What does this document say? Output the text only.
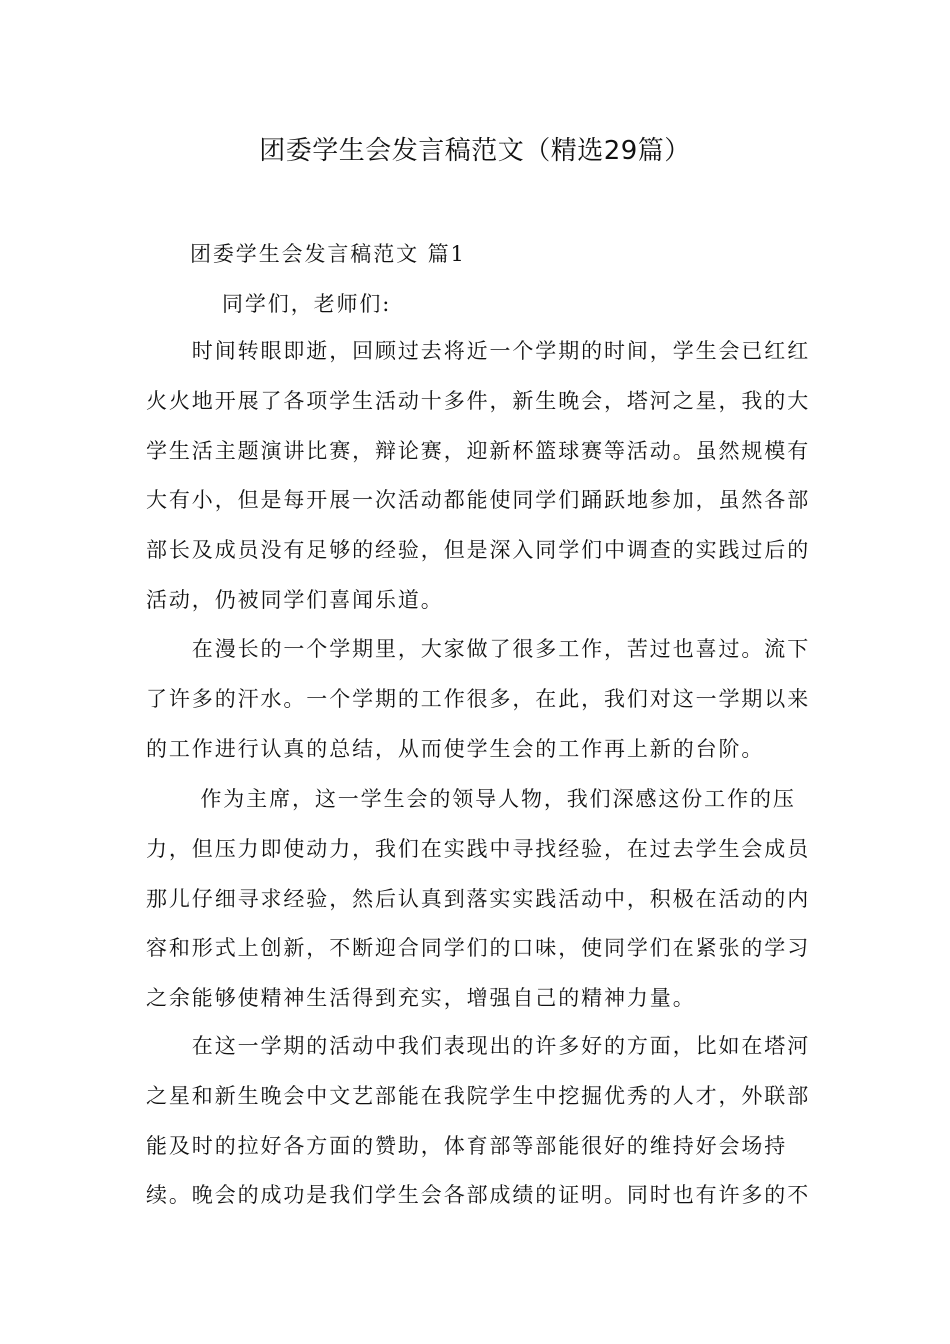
团委学生会发言稿范文（精选29篇）
团委学生会发言稿范文 篇1
同学们，老师们:
　　时间转眼即逝，回顾过去将近一个学期的时间，学生会已红红
火火地开展了各项学生活动十多件，新生晚会，塔河之星，我的大
学生活主题演讲比赛，辩论赛，迎新杯篮球赛等活动。虽然规模有
大有小，但是每开展一次活动都能使同学们踊跃地参加，虽然各部
部长及成员没有足够的经验，但是深入同学们中调查的实践过后的
活动，仍被同学们喜闻乐道。
　　在漫长的一个学期里，大家做了很多工作，苦过也喜过。流下
了许多的汗水。一个学期的工作很多，在此，我们对这一学期以来
的工作进行认真的总结，从而使学生会的工作再上新的台阶。
　　 作为主席，这一学生会的领导人物，我们深感这份工作的压
力，但压力即使动力，我们在实践中寻找经验，在过去学生会成员
那儿仔细寻求经验，然后认真到落实实践活动中，积极在活动的内
容和形式上创新，不断迎合同学们的口味，使同学们在紧张的学习
之余能够使精神生活得到充实，增强自己的精神力量。
　　在这一学期的活动中我们表现出的许多好的方面，比如在塔河
之星和新生晚会中文艺部能在我院学生中挖掘优秀的人才，外联部
能及时的拉好各方面的赞助，体育部等部能很好的维持好会场持
续。晚会的成功是我们学生会各部成绩的证明。同时也有许多的不
